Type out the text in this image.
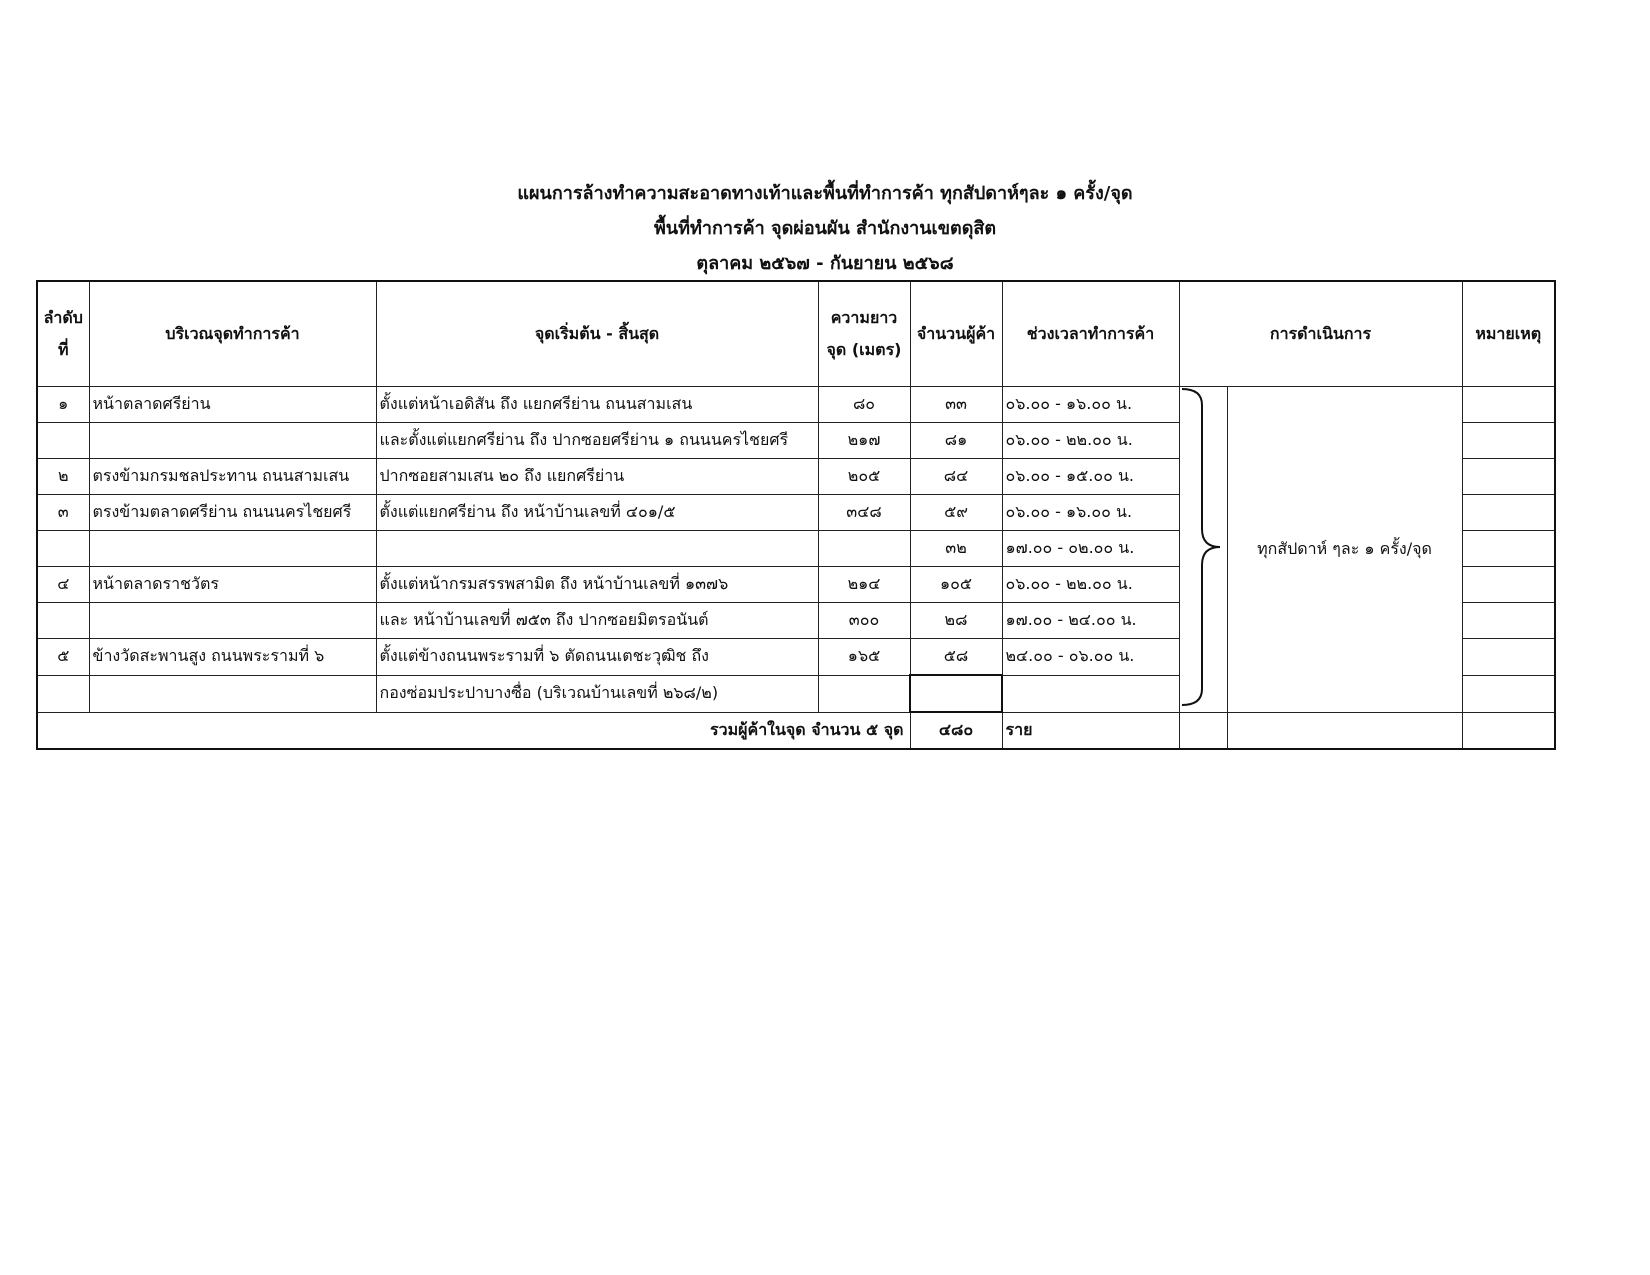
แผนการล้างทำความสะอาดทางเท้าและพื้นที่ทำการค้า ทุกสัปดาห์ๆละ ๑ ครั้ง/จุด
พื้นที่ทำการค้า จุดผ่อนผัน สำนักงานเขตดุสิต
ตุลาคม ๒๕๖๗ - กันยายน ๒๕๖๘
ลำดับที่	บริเวณจุดทำการค้า	จุดเริ่มต้น - สิ้นสุด	ความยาวจุด (เมตร)	จำนวนผู้ค้า	ช่วงเวลาทำการค้า	การดำเนินการ		หมายเหตุ
๑	หน้าตลาดศรีย่าน	ตั้งแต่หน้าเอดิสัน ถึง แยกศรีย่าน ถนนสามเสน	๘๐	๓๓	๐๖.๐๐ - ๑๖.๐๐ น.		ทุกสัปดาห์ ๆละ ๑ ครั้ง/จุด	
		และตั้งแต่แยกศรีย่าน ถึง ปากซอยศรีย่าน ๑ ถนนนครไชยศรี	๒๑๗	๘๑	๐๖.๐๐ - ๒๒.๐๐ น.			
๒	ตรงข้ามกรมชลประทาน ถนนสามเสน	ปากซอยสามเสน ๒๐ ถึง แยกศรีย่าน	๒๐๕	๘๔	๐๖.๐๐ - ๑๕.๐๐ น.			
๓	ตรงข้ามตลาดศรีย่าน ถนนนครไชยศรี	ตั้งแต่แยกศรีย่าน ถึง หน้าบ้านเลขที่ ๔๐๑/๕	๓๔๘	๕๙	๐๖.๐๐ - ๑๖.๐๐ น.			
				๓๒	๑๗.๐๐ - ๐๒.๐๐ น.			
๔	หน้าตลาดราชวัตร	ตั้งแต่หน้ากรมสรรพสามิต ถึง หน้าบ้านเลขที่ ๑๓๗๖	๒๑๔	๑๐๕	๐๖.๐๐ - ๒๒.๐๐ น.			
		และ หน้าบ้านเลขที่ ๗๕๓ ถึง ปากซอยมิตรอนันต์	๓๐๐	๒๘	๑๗.๐๐ - ๒๔.๐๐ น.			
๕	ข้างวัดสะพานสูง ถนนพระรามที่ ๖	ตั้งแต่ข้างถนนพระรามที่ ๖ ตัดถนนเตชะวุฒิช ถึง	๑๖๕	๕๘	๒๔.๐๐ - ๐๖.๐๐ น.			
		กองซ่อมประปาบางซื่อ (บริเวณบ้านเลขที่ ๒๖๘/๒)						
รวมผู้ค้าในจุด จำนวน ๕ จุด				๔๘๐	ราย			
